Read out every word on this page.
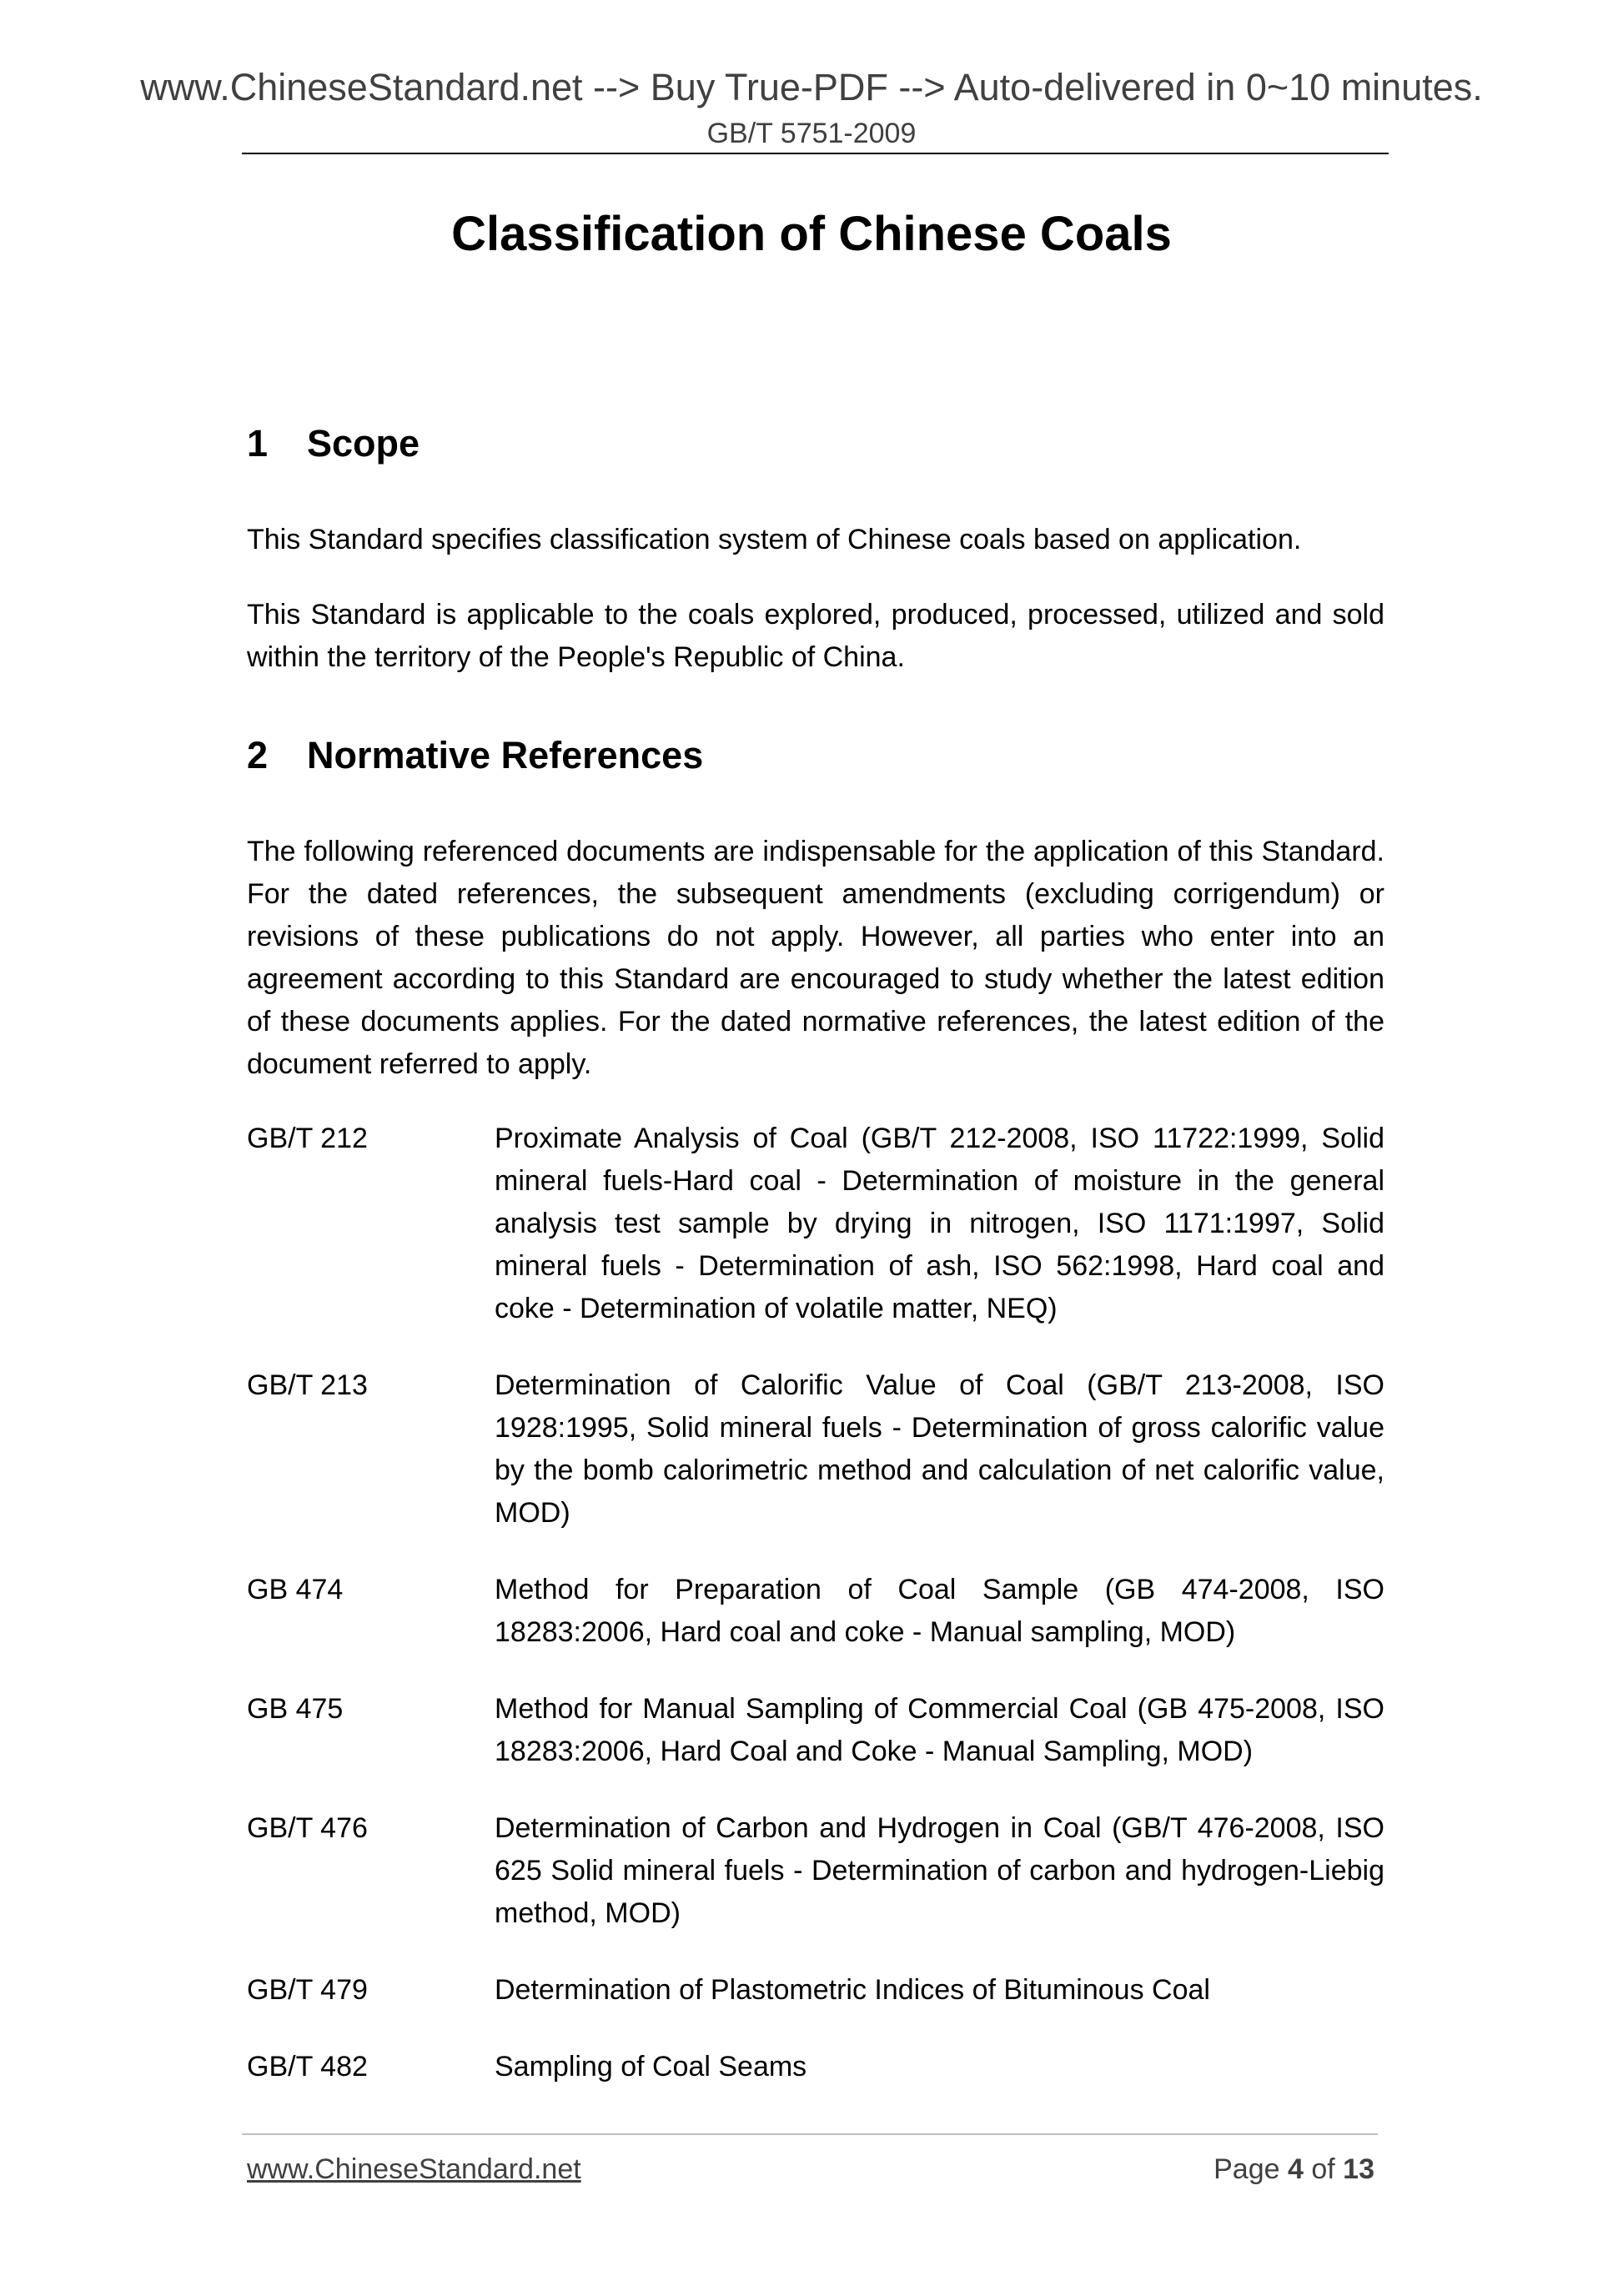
www.ChineseStandard.net --> Buy True-PDF --> Auto-delivered in 0~10 minutes.
GB/T 5751-2009
Classification of Chinese Coals
1 Scope
This Standard specifies classification system of Chinese coals based on application.
This Standard is applicable to the coals explored, produced, processed, utilized and sold within the territory of the People's Republic of China.
2 Normative References
The following referenced documents are indispensable for the application of this Standard. For the dated references, the subsequent amendments (excluding corrigendum) or revisions of these publications do not apply. However, all parties who enter into an agreement according to this Standard are encouraged to study whether the latest edition of these documents applies. For the dated normative references, the latest edition of the document referred to apply.
GB/T 212	Proximate Analysis of Coal (GB/T 212-2008, ISO 11722:1999, Solid mineral fuels-Hard coal - Determination of moisture in the general analysis test sample by drying in nitrogen, ISO 1171:1997, Solid mineral fuels - Determination of ash, ISO 562:1998, Hard coal and coke - Determination of volatile matter, NEQ)
GB/T 213	Determination of Calorific Value of Coal (GB/T 213-2008, ISO 1928:1995, Solid mineral fuels - Determination of gross calorific value by the bomb calorimetric method and calculation of net calorific value, MOD)
GB 474	Method for Preparation of Coal Sample (GB 474-2008, ISO 18283:2006, Hard coal and coke - Manual sampling, MOD)
GB 475	Method for Manual Sampling of Commercial Coal (GB 475-2008, ISO 18283:2006, Hard Coal and Coke - Manual Sampling, MOD)
GB/T 476	Determination of Carbon and Hydrogen in Coal (GB/T 476-2008, ISO 625 Solid mineral fuels - Determination of carbon and hydrogen-Liebig method, MOD)
GB/T 479	Determination of Plastometric Indices of Bituminous Coal
GB/T 482	Sampling of Coal Seams
www.ChineseStandard.net	Page 4 of 13
